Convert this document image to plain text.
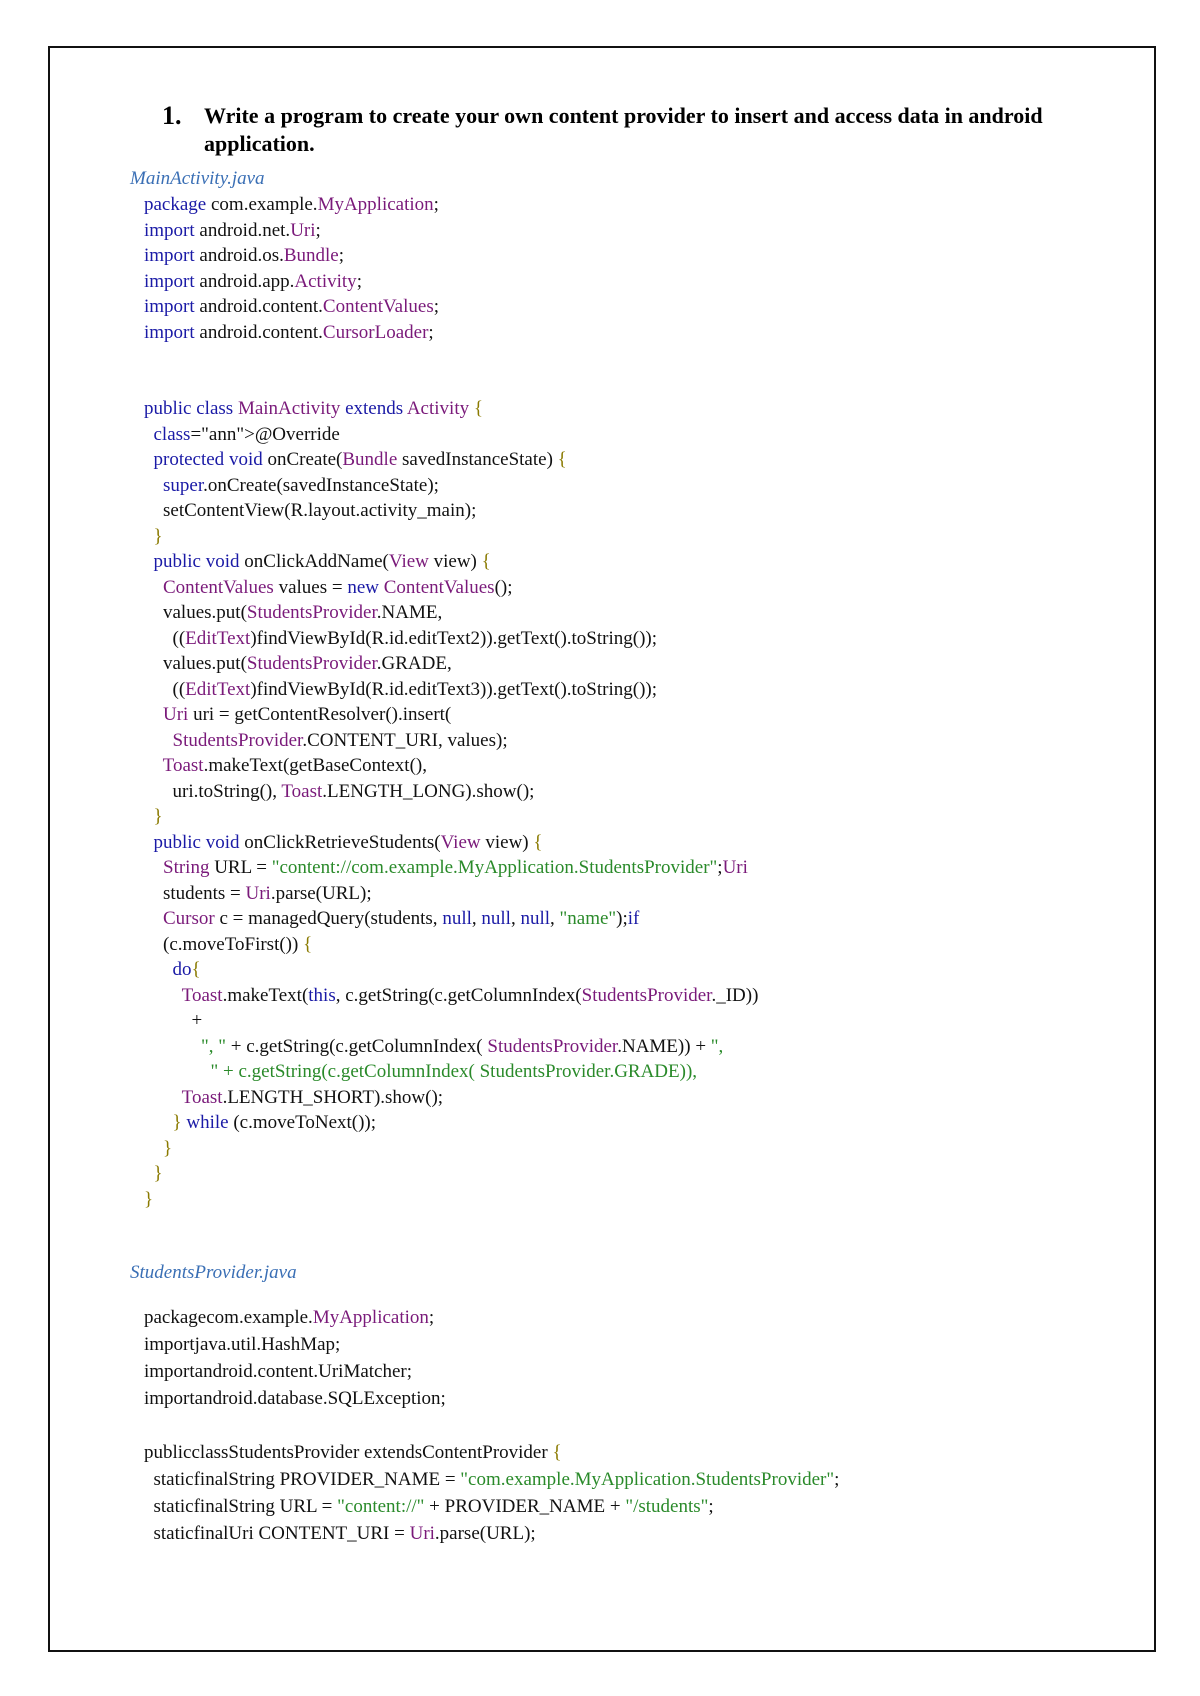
1. Write a program to create your own content provider to insert and access data in android application.
MainActivity.java
package com.example.MyApplication;
import android.net.Uri;
import android.os.Bundle;
import android.app.Activity;
import android.content.ContentValues;
import android.content.CursorLoader;

public class MainActivity extends Activity {
class="ann">@Override
protected void onCreate(Bundle savedInstanceState) {
super.onCreate(savedInstanceState);
setContentView(R.layout.activity_main);
}
public void onClickAddName(View view) {
ContentValues values = new ContentValues();
values.put(StudentsProvider.NAME,
((EditText)findViewById(R.id.editText2)).getText().toString());
values.put(StudentsProvider.GRADE,
((EditText)findViewById(R.id.editText3)).getText().toString());
Uri uri = getContentResolver().insert(
StudentsProvider.CONTENT_URI, values);
Toast.makeText(getBaseContext(),
uri.toString(), Toast.LENGTH_LONG).show();
}
public void onClickRetrieveStudents(View view) {
String URL = "content://com.example.MyApplication.StudentsProvider";Uri
students = Uri.parse(URL);
Cursor c = managedQuery(students, null, null, null, "name");if
(c.moveToFirst()) {
do{
Toast.makeText(this, c.getString(c.getColumnIndex(StudentsProvider._ID))
+
", " + c.getString(c.getColumnIndex( StudentsProvider.NAME)) + ",
" + c.getString(c.getColumnIndex( StudentsProvider.GRADE)),
Toast.LENGTH_SHORT).show();
} while (c.moveToNext());
}
}
}
StudentsProvider.java
packagecom.example.MyApplication;
importjava.util.HashMap;
importandroid.content.UriMatcher;
importandroid.database.SQLException;

publicclassStudentsProvider extendsContentProvider {
staticfinalString PROVIDER_NAME = "com.example.MyApplication.StudentsProvider";
staticfinalString URL = "content://" + PROVIDER_NAME + "/students";
staticfinalUri CONTENT_URI = Uri.parse(URL);
